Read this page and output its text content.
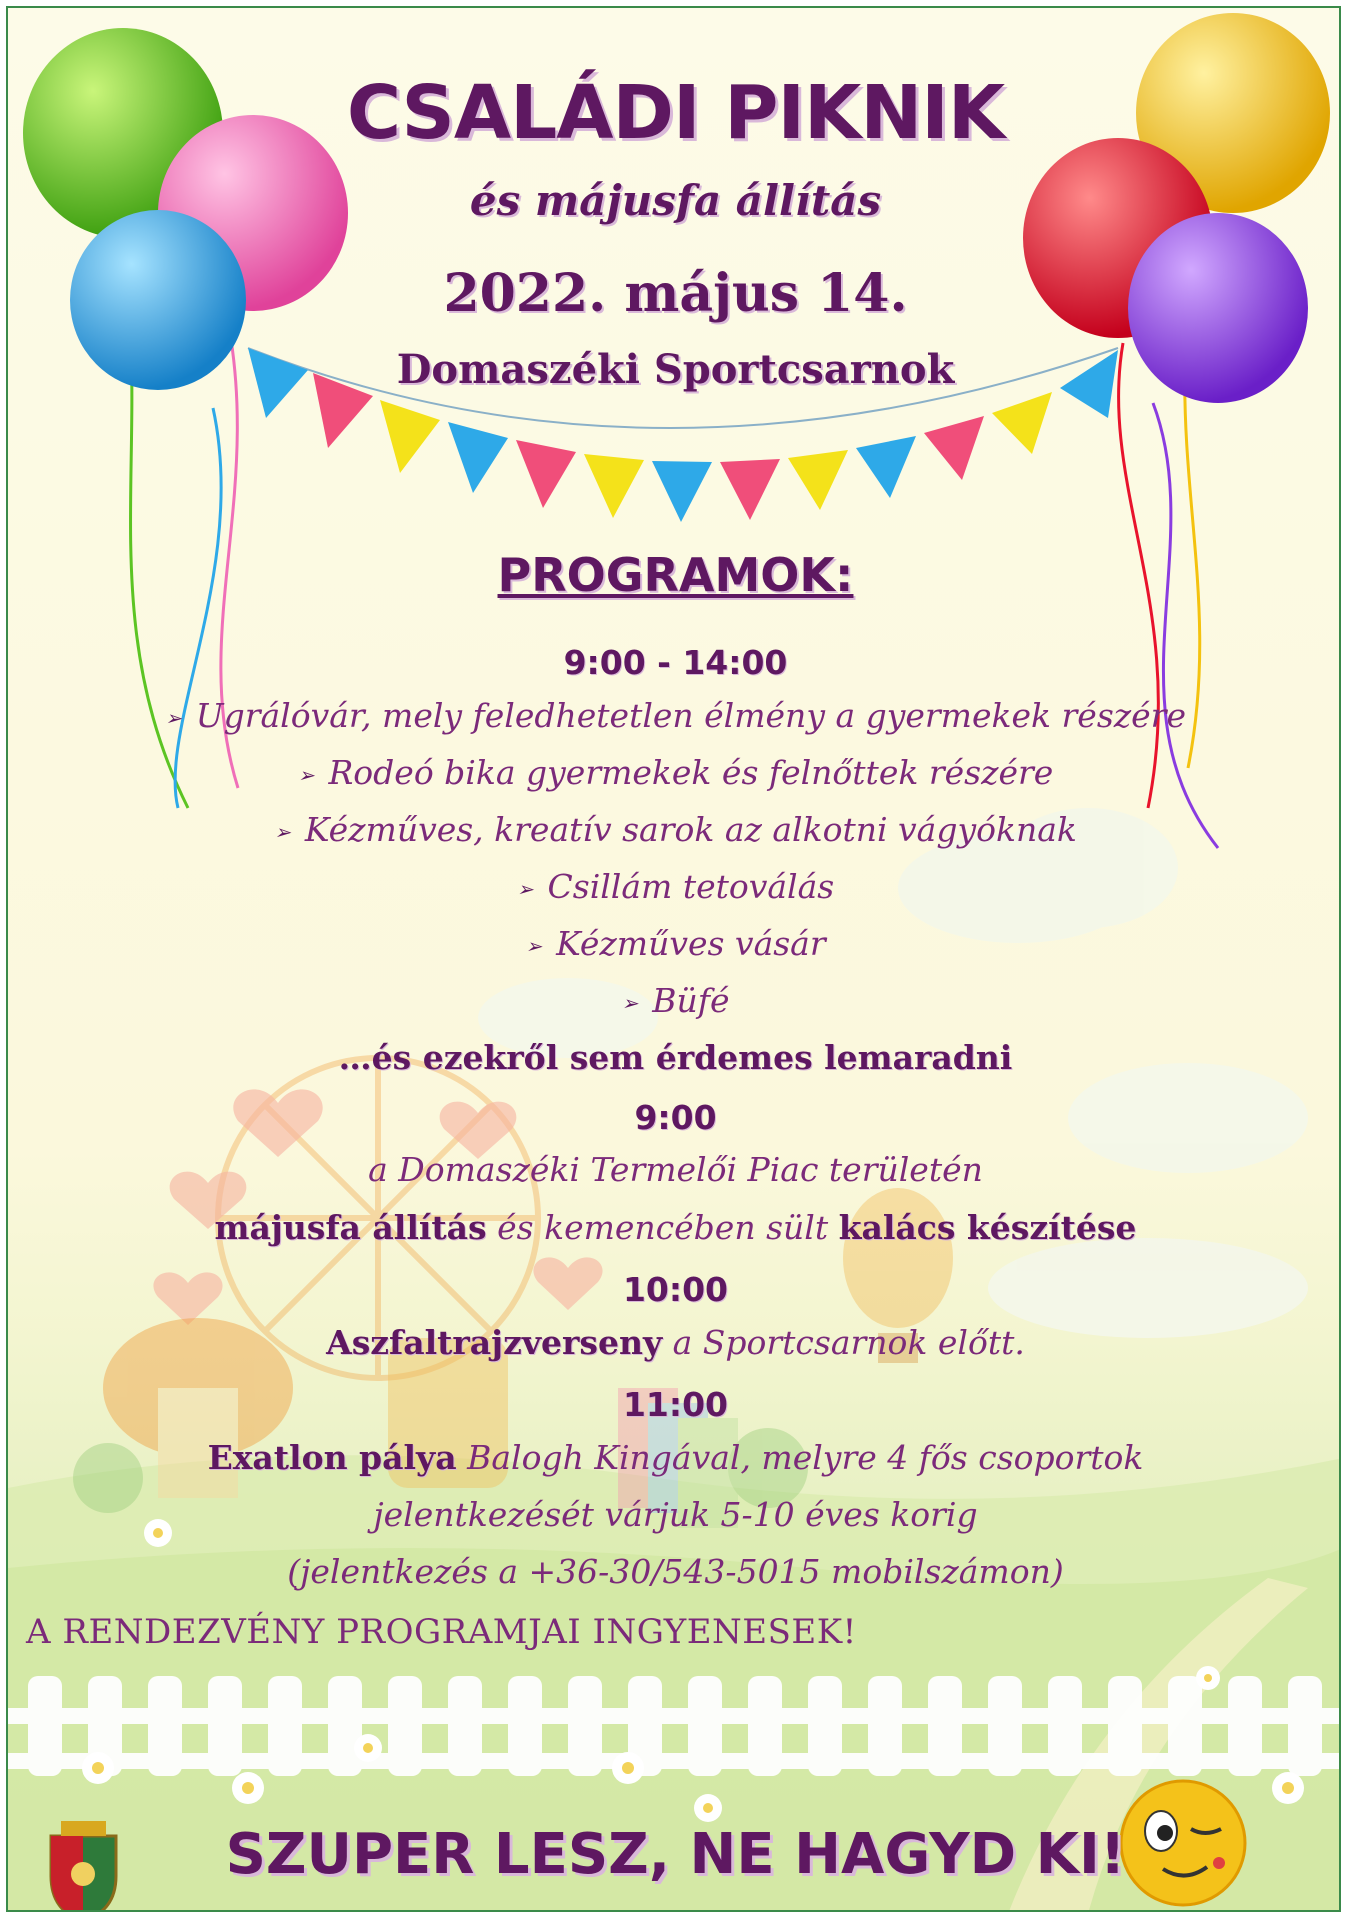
CSALÁDI PIKNIK
és májusfa állítás
2022. május 14.
Domaszéki Sportcsarnok
PROGRAMOK:
9:00 - 14:00
➢ Ugrálóvár, mely feledhetetlen élmény a gyermekek részére
➢ Rodeó bika gyermekek és felnőttek részére
➢ Kézműves, kreatív sarok az alkotni vágyóknak
➢ Csillám tetoválás
➢ Kézműves vásár
➢ Büfé
…és ezekről sem érdemes lemaradni
9:00
a Domaszéki Termelői Piac területén
májusfa állítás és kemencében sült kalács készítése
10:00
Aszfaltrajzverseny a Sportcsarnok előtt.
11:00
Exatlon pálya Balogh Kingával, melyre 4 fős csoportok
jelentkezését várjuk 5-10 éves korig
(jelentkezés a +36-30/543-5015 mobilszámon)
A RENDEZVÉNY PROGRAMJAI INGYENESEK!
SZUPER LESZ, NE HAGYD KI!
